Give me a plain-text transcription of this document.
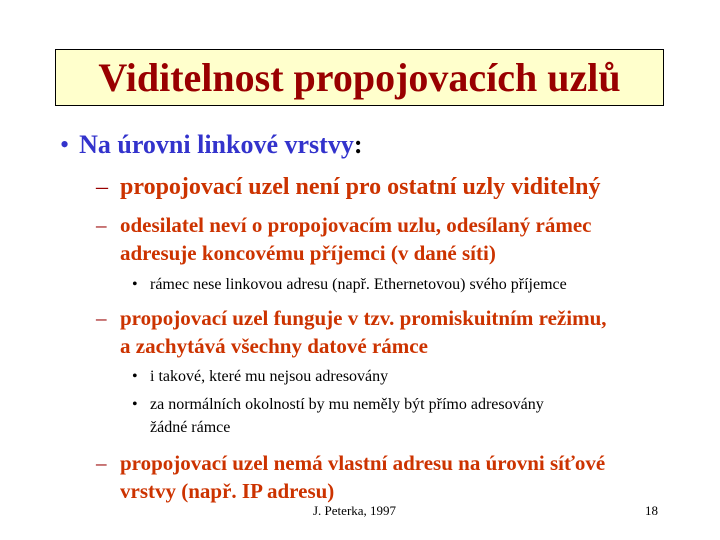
Viditelnost propojovacích uzlů
• Na úrovni linkové vrstvy:
– propojovací uzel není pro ostatní uzly viditelný
– odesilatel neví o propojovacím uzlu, odesílaný rámec
adresuje koncovému příjemci (v dané síti)
• rámec nese linkovou adresu (např. Ethernetovou) svého příjemce
– propojovací uzel funguje v tzv. promiskuitním režimu,
a zachytává všechny datové rámce
• i takové, které mu nejsou adresovány
• za normálních okolností by mu neměly být přímo adresovány
žádné rámce
– propojovací uzel nemá vlastní adresu na úrovni síťové
vrstvy (např. IP adresu)
J. Peterka, 1997	18
